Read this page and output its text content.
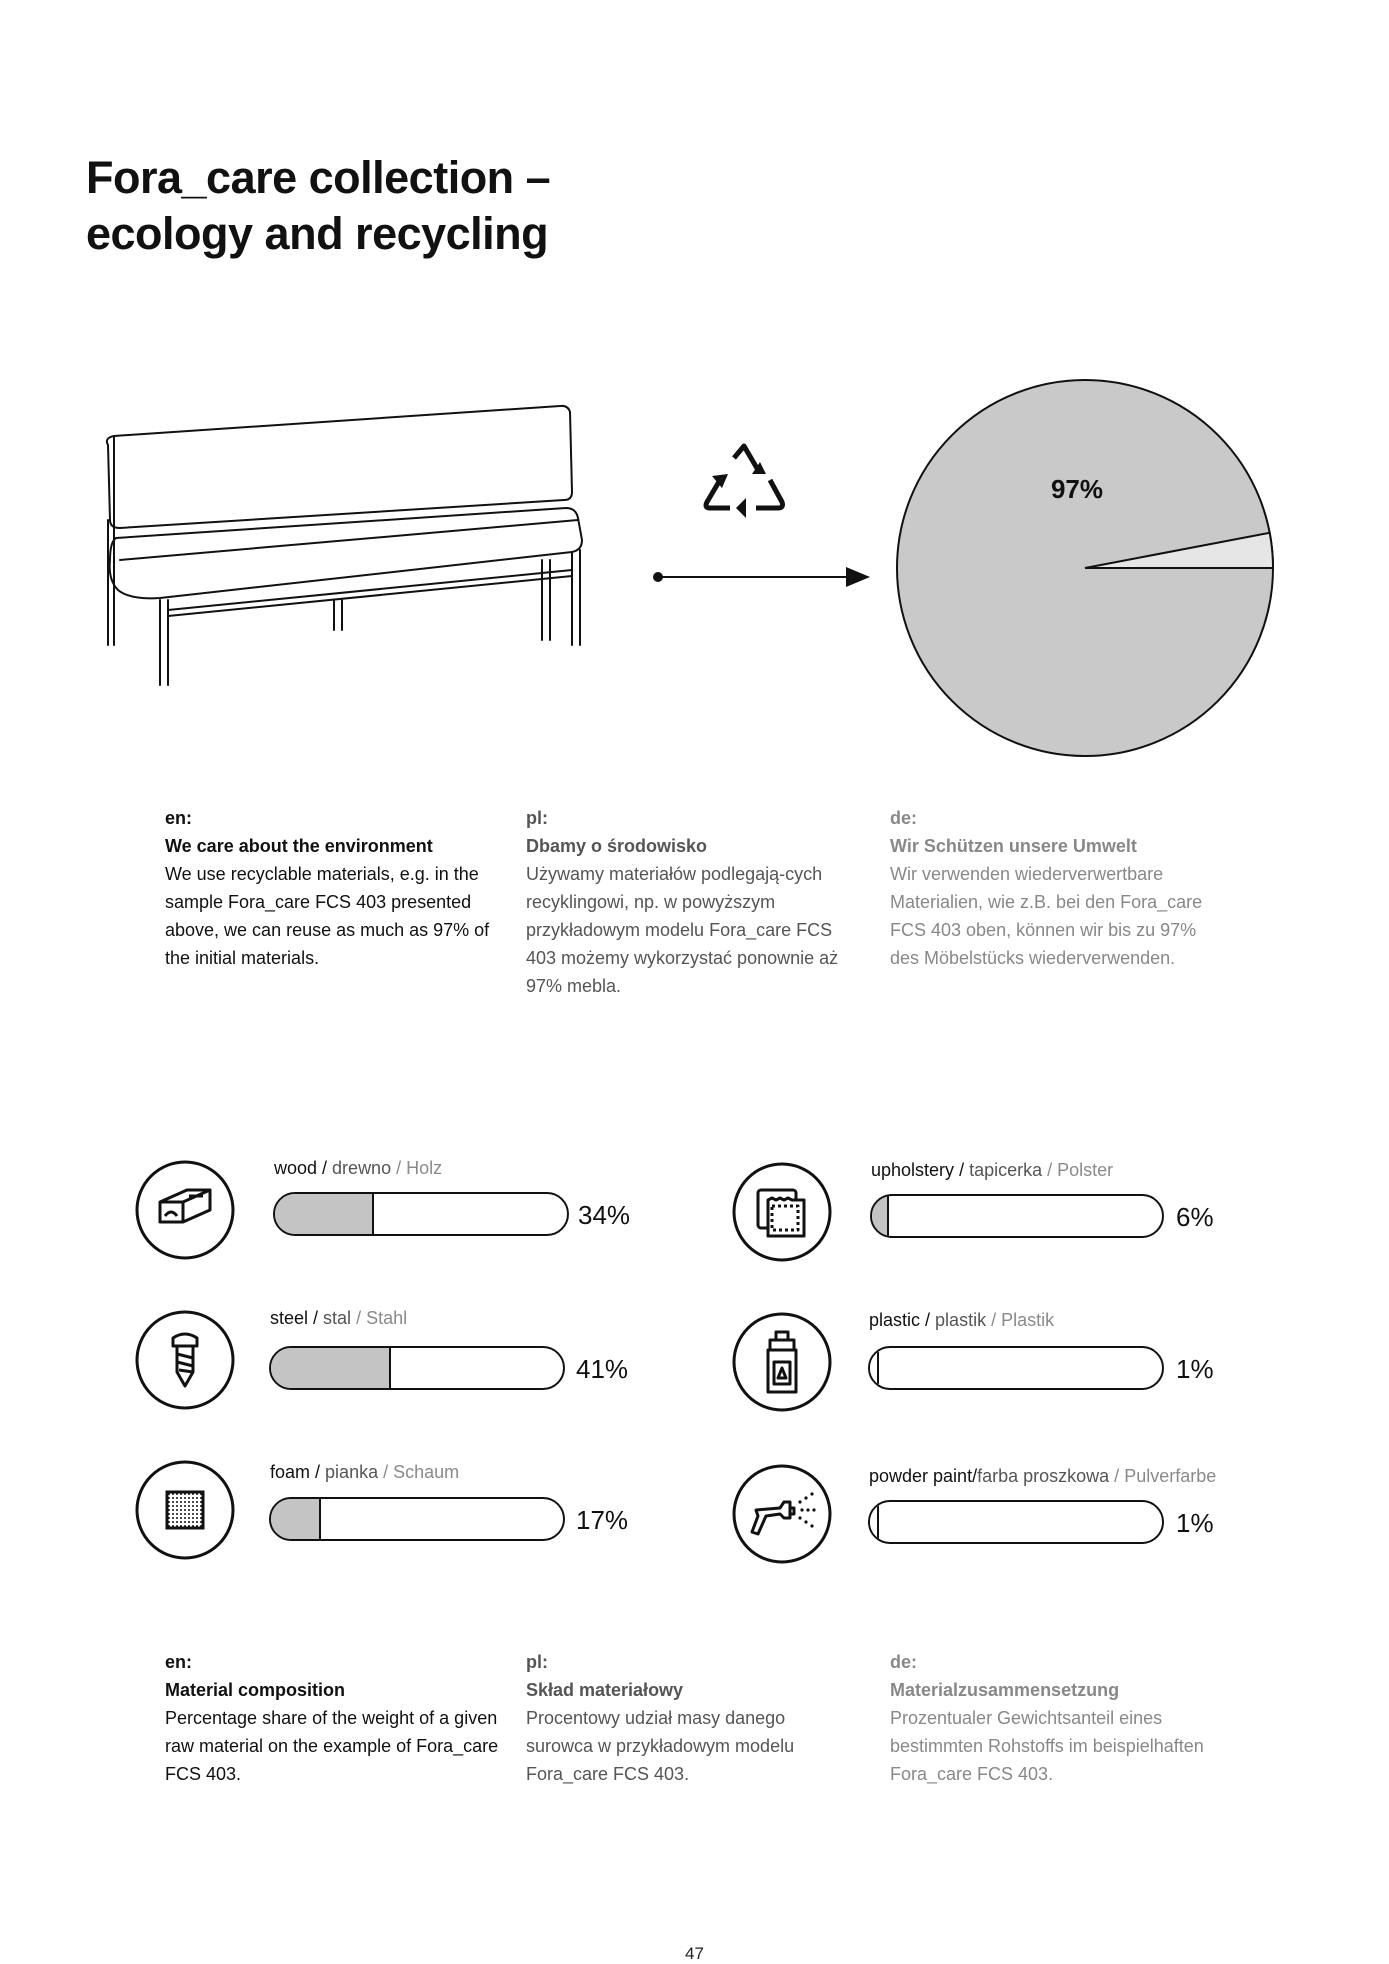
Fora_care collection –
ecology and recycling
97%
en:
We care about the environment

We use recyclable materials, e.g. in the sample Fora_care FCS 403 presented above, we can reuse as much as 97% of the initial materials.

pl:
Dbamy o środowisko

Używamy materiałów podlegają-cych recyklingowi, np. w powyższym przykładowym modelu Fora_care FCS 403 możemy wykorzystać ponownie aż 97% mebla.

de:
Wir Schützen unsere Umwelt

Wir verwenden wiederverwertbare Materialien, wie z.B. bei den Fora_care FCS 403 oben, können wir bis zu 97% des Möbelstücks wiederverwenden.

wood / drewno / Holz
34%
steel / stal / Stahl
41%
foam / pianka / Schaum
17%
upholstery / tapicerka / Polster
6%
plastic / plastik / Plastik
1%
powder paint/farba proszkowa / Pulverfarbe
1%
en:
Material composition

Percentage share of the weight of a given raw material on the example of Fora_care FCS 403.

pl:
Skład materiałowy

Procentowy udział masy danego surowca w przykładowym modelu Fora_care FCS 403.

de:
Materialzusammensetzung

Prozentualer Gewichtsanteil eines bestimmten Rohstoffs im beispielhaften Fora_care FCS 403.

47
